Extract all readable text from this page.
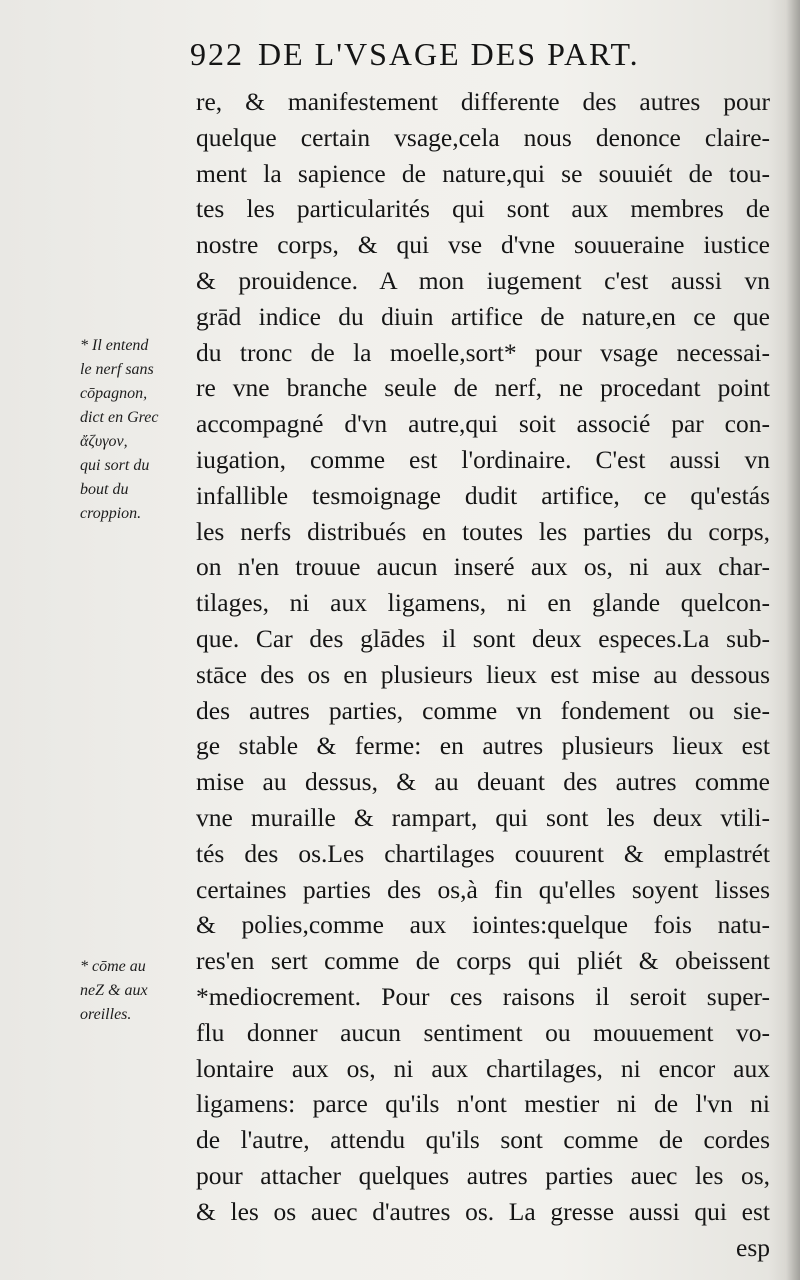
922 DE L'VSAGE DES PART.
re, & manifestement differente des autres pour
quelque certain vsage,cela nous denonce claire-
ment la sapience de nature,qui se souuiét de tou-
tes les particularités qui sont aux membres de
nostre corps, & qui vse d'vne souueraine iustice
& prouidence. A mon iugement c'est aussi vn
grād indice du diuin artifice de nature,en ce que
du tronc de la moelle,sort* pour vsage necessai-
re vne branche seule de nerf, ne procedant point
accompagné d'vn autre,qui soit associé par con-
iugation, comme est l'ordinaire. C'est aussi vn
infallible tesmoignage dudit artifice, ce qu'estás
les nerfs distribués en toutes les parties du corps,
on n'en trouue aucun inseré aux os, ni aux char-
tilages, ni aux ligamens, ni en glande quelcon-
que. Car des glādes il sont deux especes.La sub-
stāce des os en plusieurs lieux est mise au dessous
des autres parties, comme vn fondement ou sie-
ge stable & ferme: en autres plusieurs lieux est
mise au dessus, & au deuant des autres comme
vne muraille & rampart, qui sont les deux vtili-
tés des os.Les chartilages couurent & emplastrét
certaines parties des os,à fin qu'elles soyent lisses
& polies,comme aux iointes:quelque fois natu-
res'en sert comme de corps qui pliét & obeissent
*mediocrement. Pour ces raisons il seroit super-
flu donner aucun sentiment ou mouuement vo-
lontaire aux os, ni aux chartilages, ni encor aux
ligamens: parce qu'ils n'ont mestier ni de l'vn ni
de l'autre, attendu qu'ils sont comme de cordes
pour attacher quelques autres parties auec les os,
& les os auec d'autres os. La gresse aussi qui est
esp
* Il entend
le nerf sans
cōpagnon,
dict en Grec
ἄζυγον,
qui sort du
bout du
croppion.
* cōme au
neZ & aux
oreilles.
